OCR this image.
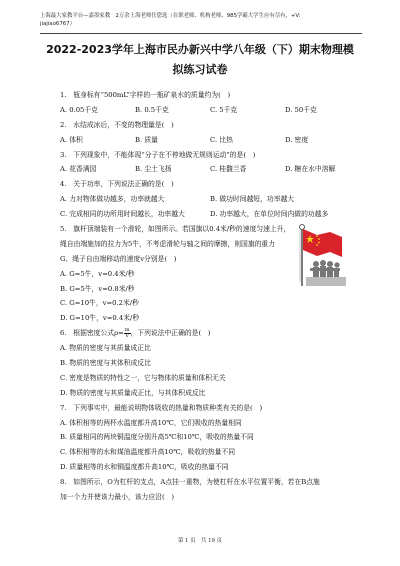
上海最大家教平台—嘉墨家教　2万余上海老师任您选（在职老师、机构老师、985学霸大学生应有尽有，+V:
jiajiao6767）
2022-2023学年上海市民办新兴中学八年级（下）期末物理模
拟练习试卷
1.　瓶身标有“500mL”字样的一瓶矿泉水的质量约为(　)
A. 0.05千克	B. 0.5千克	C. 5千克	D. 50千克
2.　水结成冰后，不变的物理量是(　)
A. 体积	B. 质量	C. 比热	D. 密度
3.　下列现象中，不能体现“分子在不停地做无规则运动”的是(　)
A. 花香满园	B. 尘土飞扬	C. 桂馥兰香	D. 糖在水中溶解
4.　关于功率，下列说法正确的是(　)
A. 力对物体做功越多，功率就越大	B. 做功时间越短，功率越大
C. 完成相同的功所用时间越长，功率越大	D. 功率越大，在单位时间内做的功越多
5.　旗杆顶端装有一个滑轮，如图所示。若国旗以0.4米/秒的速度匀速上升，
绳自由端施加的拉力为5牛，不考虑滑轮与轴之间的摩擦，则国旗的重力
G、绳子自由端移动的速度v分别是(　)
A. G=5牛，v=0.4米/秒
B. G=5牛，v=0.8米/秒
C. G=10牛，v=0.2米/秒
D. G=10牛，v=0.4米/秒
6.　根据密度公式$\rho= \frac{m}{V}$ ，下列说法中正确的是(　)
A. 物质的密度与其质量成正比
B. 物质的密度与其体积成反比
C. 密度是物质的特性之一，它与物体的质量和体积无关
D. 物质的密度与其质量成正比，与其体积成反比
7.　下列事实中，最能说明物体吸收的热量和物质种类有关的是(　)
A. 体积相等的两杯水温度都升高10℃，它们吸收的热量相同
B. 质量相同的两块铜温度分别升高5℃和10℃，吸收的热量不同
C. 体积相等的水和煤油温度都升高10℃，吸收的热量不同
D. 质量相等的水和铜温度都升高10℃，吸收的热量不同
8.　如图所示，O为杠杆的支点，A点挂一重物，为使杠杆在水平位置平衡，若在B点施
加一个力并使该力最小，该力应沿(　)
第 1 页　共 19 页
